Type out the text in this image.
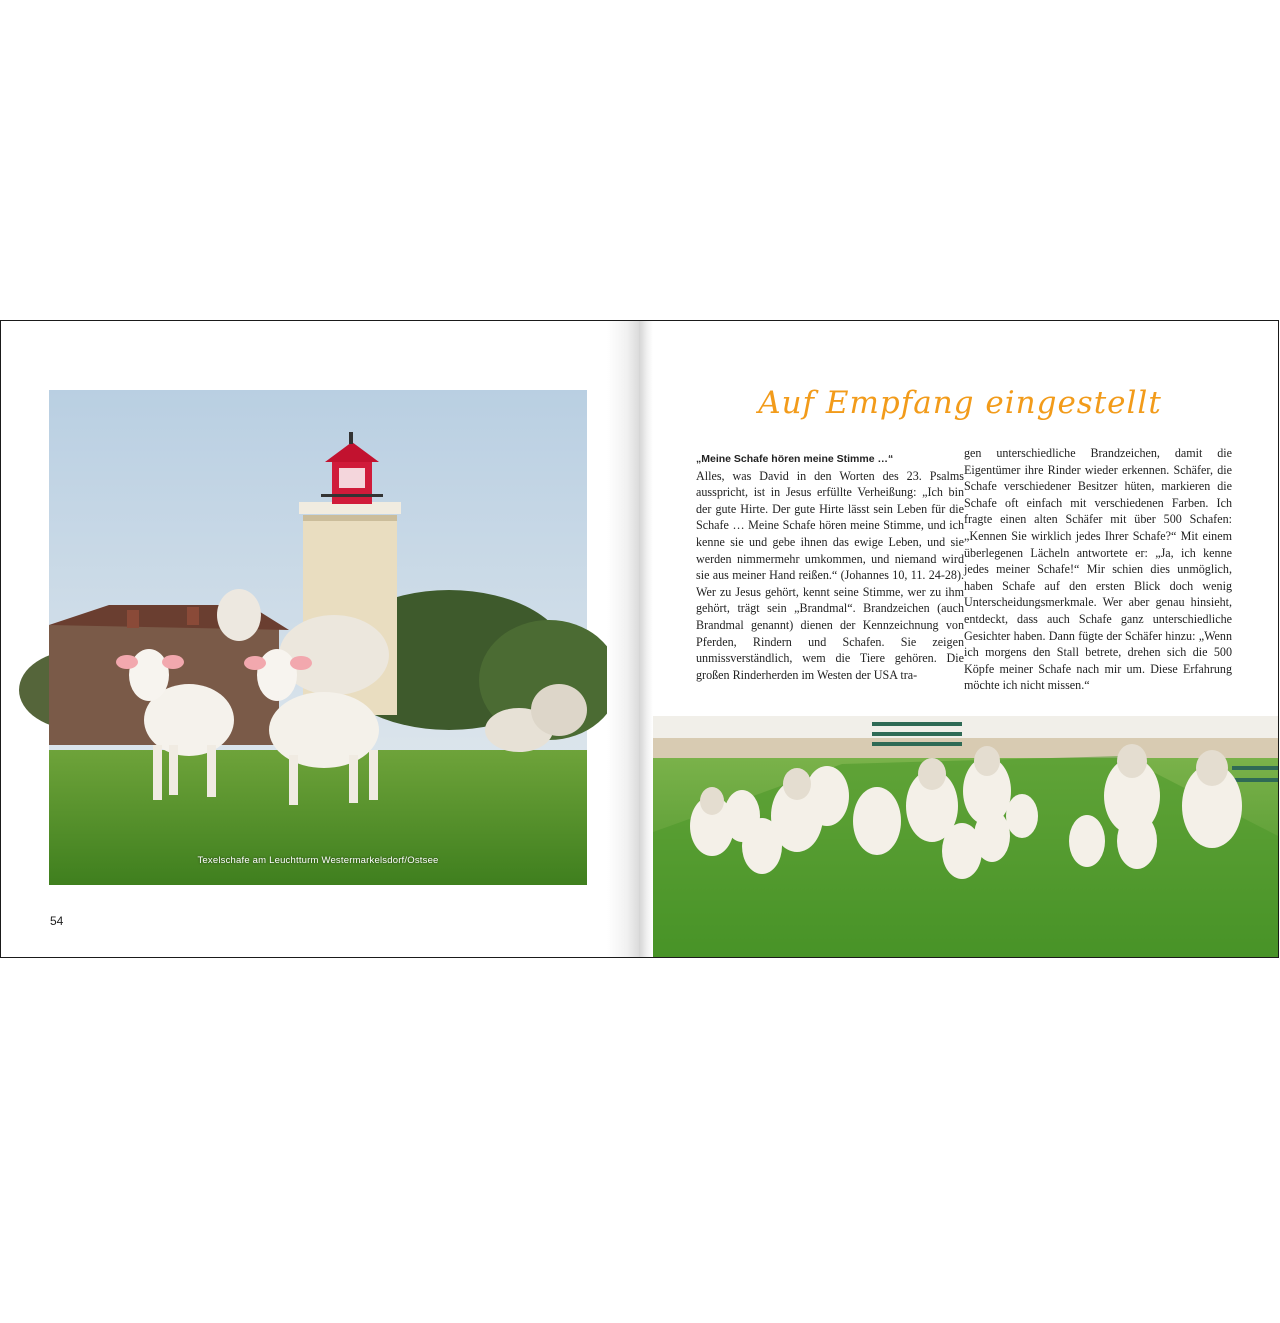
Texelschafe am Leuchtturm Westermarkelsdorf/Ostsee
54
Auf Empfang eingestellt

„Meine Schafe hören meine Stimme …“

Alles, was David in den Worten des 23. Psalms ausspricht, ist in Jesus erfüllte Verheißung: „Ich bin der gute Hirte. Der gute Hirte lässt sein Leben für die Schafe … Meine Schafe hören meine Stimme, und ich kenne sie und gebe ihnen das ewige Leben, und sie werden nimmermehr umkommen, und niemand wird sie aus meiner Hand reißen.“ (Johannes 10, 11. 24-28). Wer zu Jesus gehört, kennt seine Stimme, wer zu ihm gehört, trägt sein „Brandmal“. Brandzeichen (auch Brandmal genannt) dienen der Kennzeichnung von Pferden, Rindern und Schafen. Sie zeigen unmissverständlich, wem die Tiere gehören. Die großen Rinderherden im Westen der USA tra-

gen unterschiedliche Brandzeichen, damit die Eigentümer ihre Rinder wieder erkennen. Schäfer, die Schafe verschiedener Besitzer hüten, markieren die Schafe oft einfach mit verschiedenen Farben. Ich fragte einen alten Schäfer mit über 500 Schafen: „Kennen Sie wirklich jedes Ihrer Schafe?“ Mit einem überlegenen Lächeln antwortete er: „Ja, ich kenne jedes meiner Schafe!“ Mir schien dies unmöglich, haben Schafe auf den ersten Blick doch wenig Unterscheidungsmerkmale. Wer aber genau hinsieht, entdeckt, dass auch Schafe ganz unterschiedliche Gesichter haben. Dann fügte der Schäfer hinzu: „Wenn ich morgens den Stall betrete, drehen sich die 500 Köpfe meiner Schafe nach mir um. Diese Erfahrung möchte ich nicht missen.“

55
